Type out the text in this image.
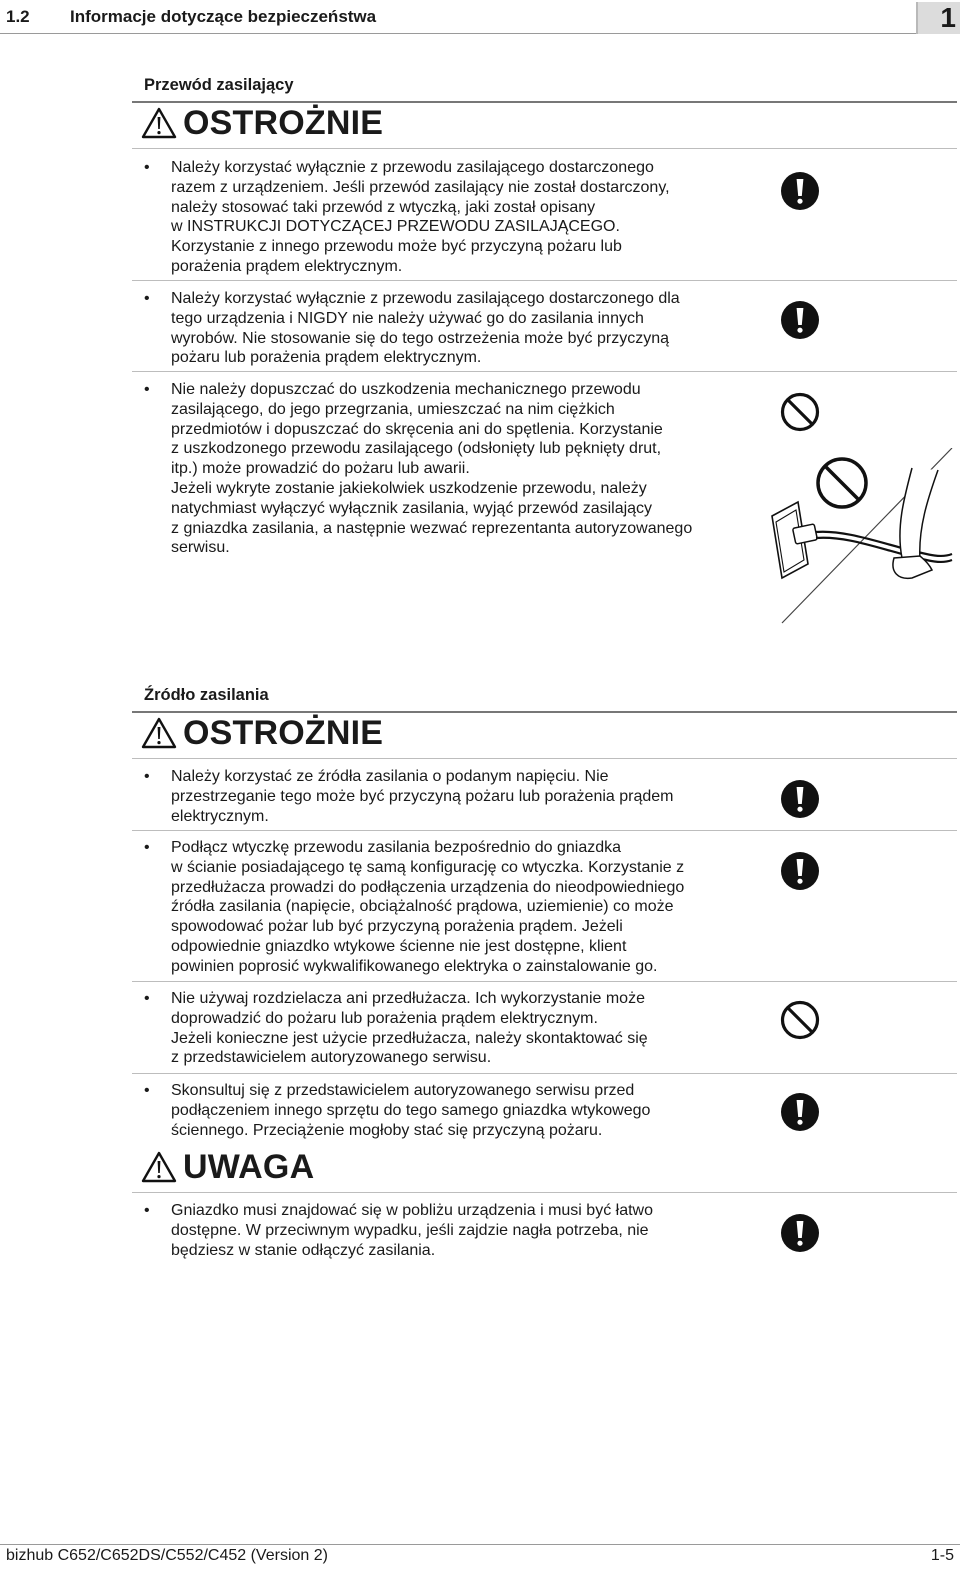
1.2 Informacje dotyczące bezpieczeństwa	1
Przewód zasilający
OSTROŻNIE
• Należy korzystać wyłącznie z przewodu zasilającego dostarczonego
razem z urządzeniem. Jeśli przewód zasilający nie został dostarczony,
należy stosować taki przewód z wtyczką, jaki został opisany
w INSTRUKCJI DOTYCZĄCEJ PRZEWODU ZASILAJĄCEGO.
Korzystanie z innego przewodu może być przyczyną pożaru lub
porażenia prądem elektrycznym.
• Należy korzystać wyłącznie z przewodu zasilającego dostarczonego dla
tego urządzenia i NIGDY nie należy używać go do zasilania innych
wyrobów. Nie stosowanie się do tego ostrzeżenia może być przyczyną
pożaru lub porażenia prądem elektrycznym.
• Nie należy dopuszczać do uszkodzenia mechanicznego przewodu
zasilającego, do jego przegrzania, umieszczać na nim ciężkich
przedmiotów i dopuszczać do skręcenia ani do spętlenia. Korzystanie
z uszkodzonego przewodu zasilającego (odsłonięty lub pęknięty drut,
itp.) może prowadzić do pożaru lub awarii.
Jeżeli wykryte zostanie jakiekolwiek uszkodzenie przewodu, należy
natychmiast wyłączyć wyłącznik zasilania, wyjąć przewód zasilający
z gniazdka zasilania, a następnie wezwać reprezentanta autoryzowanego
serwisu.
Źródło zasilania
OSTROŻNIE
• Należy korzystać ze źródła zasilania o podanym napięciu. Nie
przestrzeganie tego może być przyczyną pożaru lub porażenia prądem
elektrycznym.
• Podłącz wtyczkę przewodu zasilania bezpośrednio do gniazdka
w ścianie posiadającego tę samą konfigurację co wtyczka. Korzystanie z
przedłużacza prowadzi do podłączenia urządzenia do nieodpowiedniego
źródła zasilania (napięcie, obciążalność prądowa, uziemienie) co może
spowodować pożar lub być przyczyną porażenia prądem. Jeżeli
odpowiednie gniazdko wtykowe ścienne nie jest dostępne, klient
powinien poprosić wykwalifikowanego elektryka o zainstalowanie go.
• Nie używaj rozdzielacza ani przedłużacza. Ich wykorzystanie może
doprowadzić do pożaru lub porażenia prądem elektrycznym.
Jeżeli konieczne jest użycie przedłużacza, należy skontaktować się
z przedstawicielem autoryzowanego serwisu.
• Skonsultuj się z przedstawicielem autoryzowanego serwisu przed
podłączeniem innego sprzętu do tego samego gniazdka wtykowego
ściennego. Przeciążenie mogłoby stać się przyczyną pożaru.
UWAGA
• Gniazdko musi znajdować się w pobliżu urządzenia i musi być łatwo
dostępne. W przeciwnym wypadku, jeśli zajdzie nagła potrzeba, nie
będziesz w stanie odłączyć zasilania.
bizhub C652/C652DS/C552/C452 (Version 2)	1-5
